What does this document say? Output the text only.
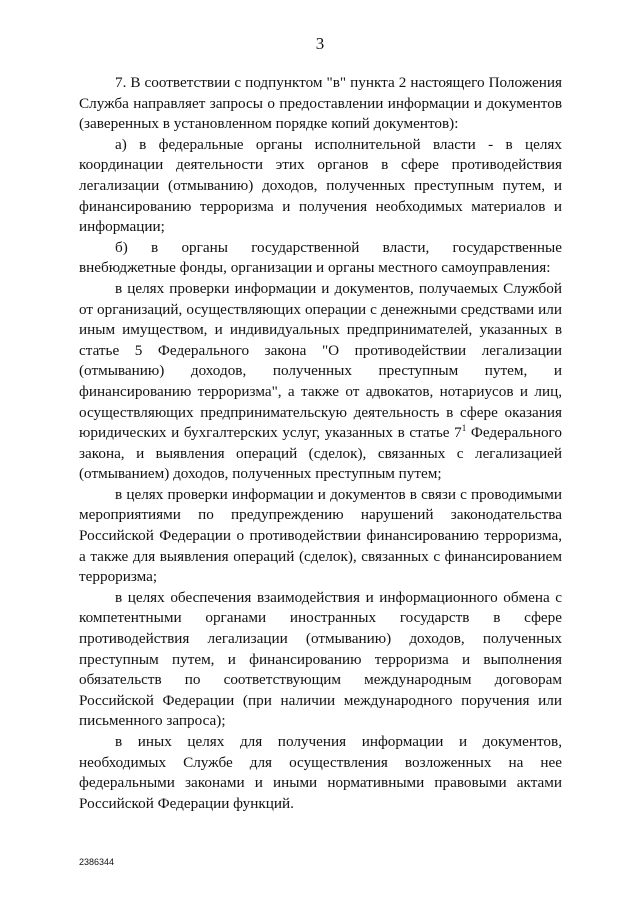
3

7. В соответствии с подпунктом "в" пункта 2 настоящего Положения Служба направляет запросы о предоставлении информации и документов (заверенных в установленном порядке копий документов):

а) в федеральные органы исполнительной власти - в целях координации деятельности этих органов в сфере противодействия легализации (отмыванию) доходов, полученных преступным путем, и финансированию терроризма и получения необходимых материалов и информации;

б) в органы государственной власти, государственные внебюджетные фонды, организации и органы местного самоуправления:

в целях проверки информации и документов, получаемых Службой от организаций, осуществляющих операции с денежными средствами или иным имуществом, и индивидуальных предпринимателей, указанных в статье 5 Федерального закона "О противодействии легализации (отмыванию) доходов, полученных преступным путем, и финансированию терроризма", а также от адвокатов, нотариусов и лиц, осуществляющих предпринимательскую деятельность в сфере оказания юридических и бухгалтерских услуг, указанных в статье $7^1$ Федерального закона, и выявления операций (сделок), связанных с легализацией (отмыванием) доходов, полученных преступным путем;

в целях проверки информации и документов в связи с проводимыми мероприятиями по предупреждению нарушений законодательства Российской Федерации о противодействии финансированию терроризма, а также для выявления операций (сделок), связанных с финансированием терроризма;

в целях обеспечения взаимодействия и информационного обмена с компетентными органами иностранных государств в сфере противодействия легализации (отмыванию) доходов, полученных преступным путем, и финансированию терроризма и выполнения обязательств по соответствующим международным договорам Российской Федерации (при наличии международного поручения или письменного запроса);

в иных целях для получения информации и документов, необходимых Службе для осуществления возложенных на нее федеральными законами и иными нормативными правовыми актами Российской Федерации функций.

2386344
